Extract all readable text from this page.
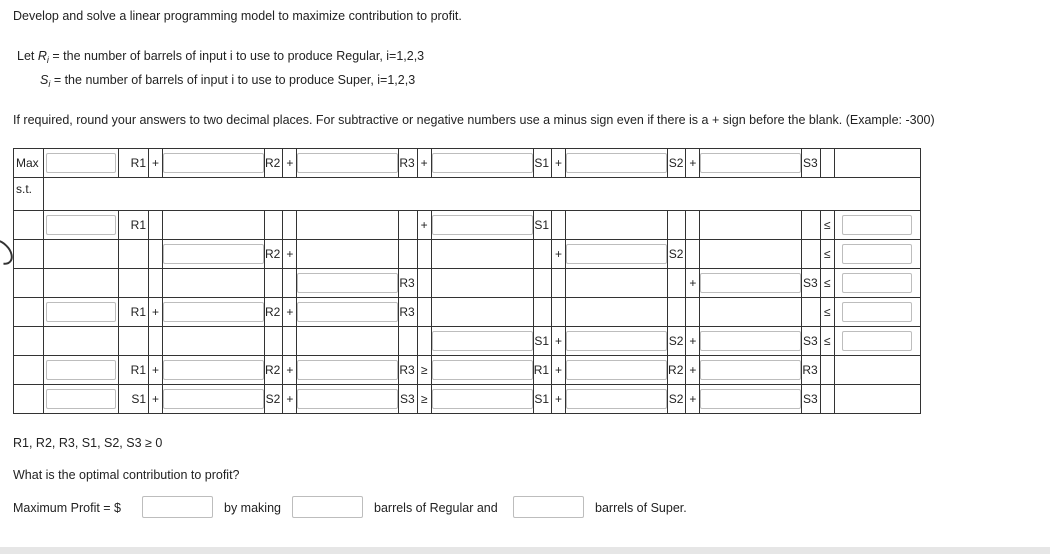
Develop and solve a linear programming model to maximize contribution to profit.
Let $R_i$ = the number of barrels of input i to use to produce Regular, i=1,2,3
$S_i$ = the number of barrels of input i to use to produce Super, i=1,2,3
If required, round your answers to two decimal places. For subtractive or negative numbers use a minus sign even if there is a + sign before the blank. (Example: -300)
Max		R1	+		R2	+		R3	+		S1	+		S2	+		S3		
s.t.																			

	R1							+		S1							≤	

	R2	+						+		S2				≤	

	R3							+		S3	≤	

	R1	+		R2	+		R3										≤	

	S1	+		S2	+		S3	≤	

	R1	+		R2	+		R3	≥		R1	+		R2	+		R3		

	S1	+		S2	+		S3	≥		S1	+		S2	+		S3		
R1, R2, R3, S1, S2, S3 ≥ 0
What is the optimal contribution to profit?
Maximum Profit = $	by making	barrels of Regular and	barrels of Super.
